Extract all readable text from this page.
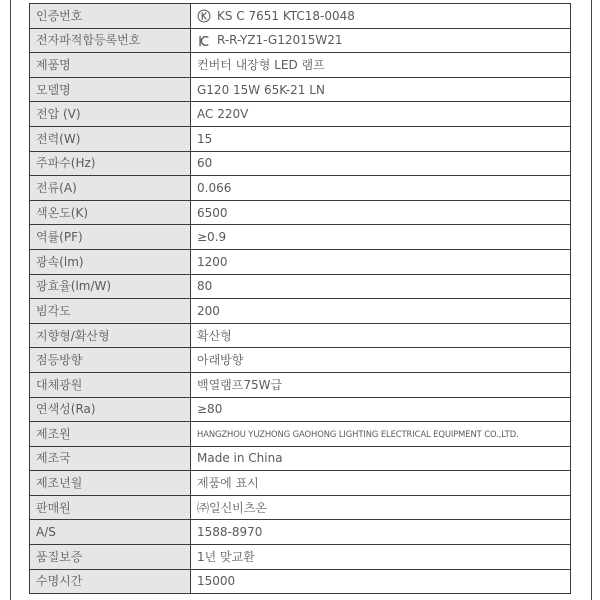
인증번호	KS C 7651 KTC18-0048
전자파적합등록번호	R-R-YZ1-G12015W21
제품명	컨버터 내장형 LED 램프
모델명	G120 15W 65K-21 LN
전압 (V)	AC 220V
전력(W)	15
주파수(Hz)	60
전류(A)	0.066
색온도(K)	6500
역률(PF)	≥0.9
광속(lm)	1200
광효율(lm/W)	80
빔각도	200
지향형/확산형	확산형
점등방향	아래방향
대체광원	백열램프75W급
연색성(Ra)	≥80
제조원	HANGZHOU YUZHONG GAOHONG LIGHTING ELECTRICAL EQUIPMENT CO.,LTD.
제조국	Made in China
제조년월	제품에 표시
판매원	㈜일신비츠온
A/S	1588-8970
품질보증	1년 맞교환
수명시간	15000
